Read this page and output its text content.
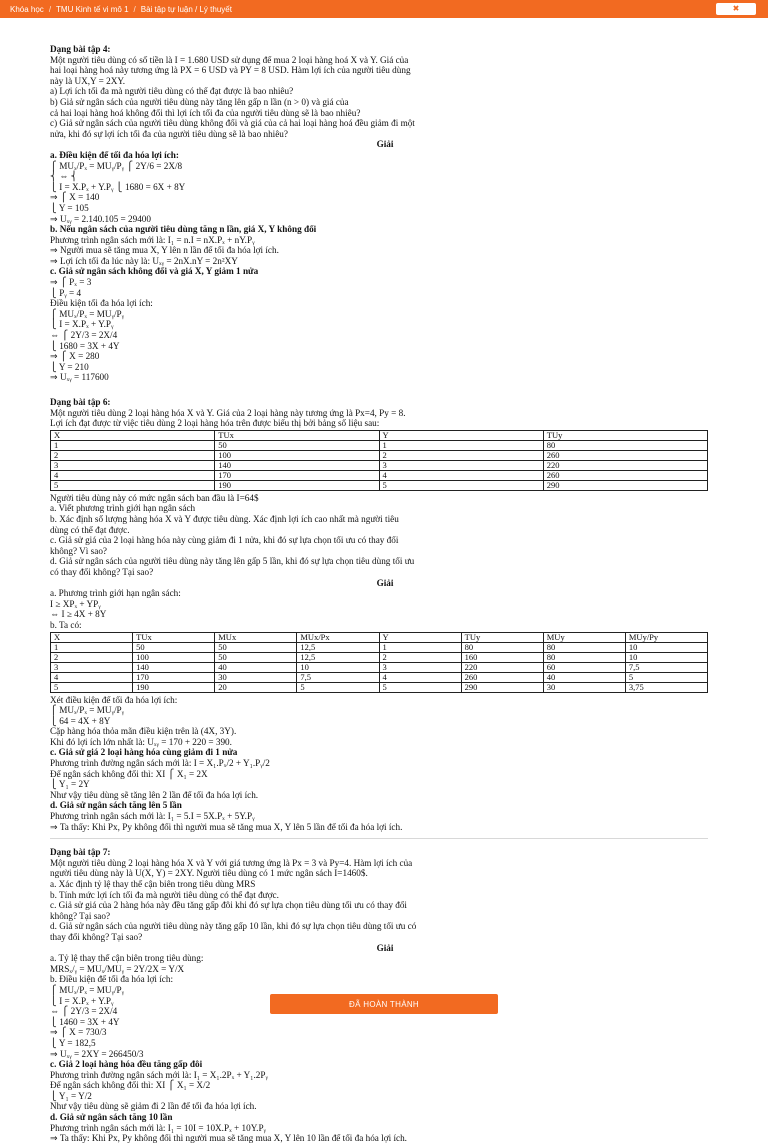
Khóa học / TMU Kinh tế vi mô 1 / Bài tập tự luận / Lý thuyết	✖
Dạng bài tập 4:
Một người tiêu dùng có số tiền là I = 1.680 USD sử dụng để mua 2 loại hàng hoá X và Y. Giá của
hai loại hàng hoá này tương ứng là PX = 6 USD và PY = 8 USD. Hàm lợi ích của người tiêu dùng
này là UX,Y = 2XY.
a) Lợi ích tối đa mà người tiêu dùng có thể đạt được là bao nhiêu?
b) Giả sử ngân sách của người tiêu dùng này tăng lên gấp n lần (n > 0) và giá của
cả hai loại hàng hoá không đổi thì lợi ích tối đa của người tiêu dùng sẽ là bao nhiêu?
c) Giả sử ngân sách của người tiêu dùng không đổi và giá của cả hai loại hàng hoá đều giảm đi một
nửa, khi đó sự lợi ích tối đa của người tiêu dùng sẽ là bao nhiêu?
Giải
a. Điều kiện để tối đa hóa lợi ích:
⎧ MUₓ/Pₓ = MUᵧ/Pᵧ ⎧ 2Y/6 = 2X/8
⎨ ⇔ ⎨
⎩ I = X.Pₓ + Y.Pᵧ ⎩ 1680 = 6X + 8Y
⇒ ⎧ X = 140
⎩ Y = 105
⇒ Uₓᵧ = 2.140.105 = 29400
b. Nếu ngân sách của người tiêu dùng tăng n lần, giá X, Y không đổi
Phương trình ngân sách mới là: I₁ = n.I = nX.Pₓ + nY.Pᵧ
⇒ Người mua sẽ tăng mua X, Y lên n lần để tối đa hóa lợi ích.
⇒ Lợi ích tối đa lúc này là: Uₓᵧ = 2nX.nY = 2n²XY
c. Giả sử ngân sách không đổi và giá X, Y giảm 1 nửa
⇒ ⎧ Pₓ = 3
⎩ Pᵧ = 4
Điều kiện tối đa hóa lợi ích:
⎧ MUₓ/Pₓ = MUᵧ/Pᵧ
⎩ I = X.Pₓ + Y.Pᵧ
⇔ ⎧ 2Y/3 = 2X/4
⎩ 1680 = 3X + 4Y
⇒ ⎧ X = 280
⎩ Y = 210
⇒ Uₓᵧ = 117600
Dạng bài tập 6:
Một người tiêu dùng 2 loại hàng hóa X và Y. Giá của 2 loại hàng này tương ứng là Px=4, Py = 8.
Lợi ích đạt được từ việc tiêu dùng 2 loại hàng hóa trên được biểu thị bởi bảng số liệu sau:
X	TUx	Y	TUy
1	50	1	80
2	100	2	260
3	140	3	220
4	170	4	260
5	190	5	290
Người tiêu dùng này có mức ngân sách ban đầu là I=64$
a. Viết phương trình giới hạn ngân sách
b. Xác định số lượng hàng hóa X và Y được tiêu dùng. Xác định lợi ích cao nhất mà người tiêu
dùng có thể đạt được.
c. Giả sử giá của 2 loại hàng hóa này cùng giảm đi 1 nửa, khi đó sự lựa chọn tối ưu có thay đổi
không? Vì sao?
d. Giả sử ngân sách của người tiêu dùng này tăng lên gấp 5 lần, khi đó sự lựa chọn tiêu dùng tối ưu
có thay đổi không? Tại sao?
Giải
a. Phương trình giới hạn ngân sách:
I ≥ XPₓ + YPᵧ
⇔ I ≥ 4X + 8Y
b. Ta có:
X	TUx	MUx	MUx/Px	Y	TUy	MUy	MUy/Py
1	50	50	12,5	1	80	80	10
2	100	50	12,5	2	160	80	10
3	140	40	10	3	220	60	7,5
4	170	30	7,5	4	260	40	5
5	190	20	5	5	290	30	3,75
Xét điều kiện để tối đa hóa lợi ích:
⎧ MUₓ/Pₓ = MUᵧ/Pᵧ
⎩ 64 = 4X + 8Y
Cặp hàng hóa thỏa mãn điều kiện trên là (4X, 3Y).
Khi đó lợi ích lớn nhất là: Uₓᵧ = 170 + 220 = 390.
c. Giả sử giá 2 loại hàng hóa cùng giảm đi 1 nửa
Phương trình đường ngân sách mới là: I = X₁.Pₓ/2 + Y₁.Pᵧ/2
Để ngân sách không đổi thì: XI ⎧ X₁ = 2X
⎩ Y₁ = 2Y
Như vậy tiêu dùng sẽ tăng lên 2 lần để tối đa hóa lợi ích.
d. Giả sử ngân sách tăng lên 5 lần
Phương trình ngân sách mới là: I₁ = 5.I = 5X.Pₓ + 5Y.Pᵧ
⇒ Ta thấy: Khi Px, Py không đổi thì người mua sẽ tăng mua X, Y lên 5 lần để tối đa hóa lợi ích.
Dạng bài tập 7:
Một người tiêu dùng 2 loại hàng hóa X và Y với giá tương ứng là Px = 3 và Py=4. Hàm lợi ích của
người tiêu dùng này là U(X, Y) = 2XY. Người tiêu dùng có 1 mức ngân sách I=1460$.
a. Xác định tỷ lệ thay thế cận biên trong tiêu dùng MRS
b. Tính mức lợi ích tối đa mà người tiêu dùng có thể đạt được.
c. Giả sử giá của 2 hàng hóa này đều tăng gấp đôi khi đó sự lựa chọn tiêu dùng tối ưu có thay đổi
không? Tại sao?
d. Giả sử ngân sách của người tiêu dùng này tăng gấp 10 lần, khi đó sự lựa chọn tiêu dùng tối ưu có
thay đổi không? Tại sao?
Giải
a. Tỷ lệ thay thế cận biên trong tiêu dùng:
MRSₓ/ᵧ = MUₓ/MUᵧ = 2Y/2X = Y/X
b. Điều kiện để tối đa hóa lợi ích:
⎧ MUₓ/Pₓ = MUᵧ/Pᵧ
⎩ I = X.Pₓ + Y.Pᵧ
⇔ ⎧ 2Y/3 = 2X/4
⎩ 1460 = 3X + 4Y
⇒ ⎧ X = 730/3
⎩ Y = 182,5
⇒ Uₓᵧ = 2XY = 266450/3
c. Giả 2 loại hàng hóa đều tăng gấp đôi
Phương trình đường ngân sách mới là: I₁ = X₁.2Pₓ + Y₁.2Pᵧ
Để ngân sách không đổi thì: XI ⎧ X₁ = X/2
⎩ Y₁ = Y/2
Như vậy tiêu dùng sẽ giảm đi 2 lần để tối đa hóa lợi ích.
d. Giả sử ngân sách tăng 10 lần
Phương trình ngân sách mới là: I₁ = 10I = 10X.Pₓ + 10Y.Pᵧ
⇒ Ta thấy: Khi Px, Py không đổi thì người mua sẽ tăng mua X, Y lên 10 lần để tối đa hóa lợi ích.
ĐÃ HOÀN THÀNH
